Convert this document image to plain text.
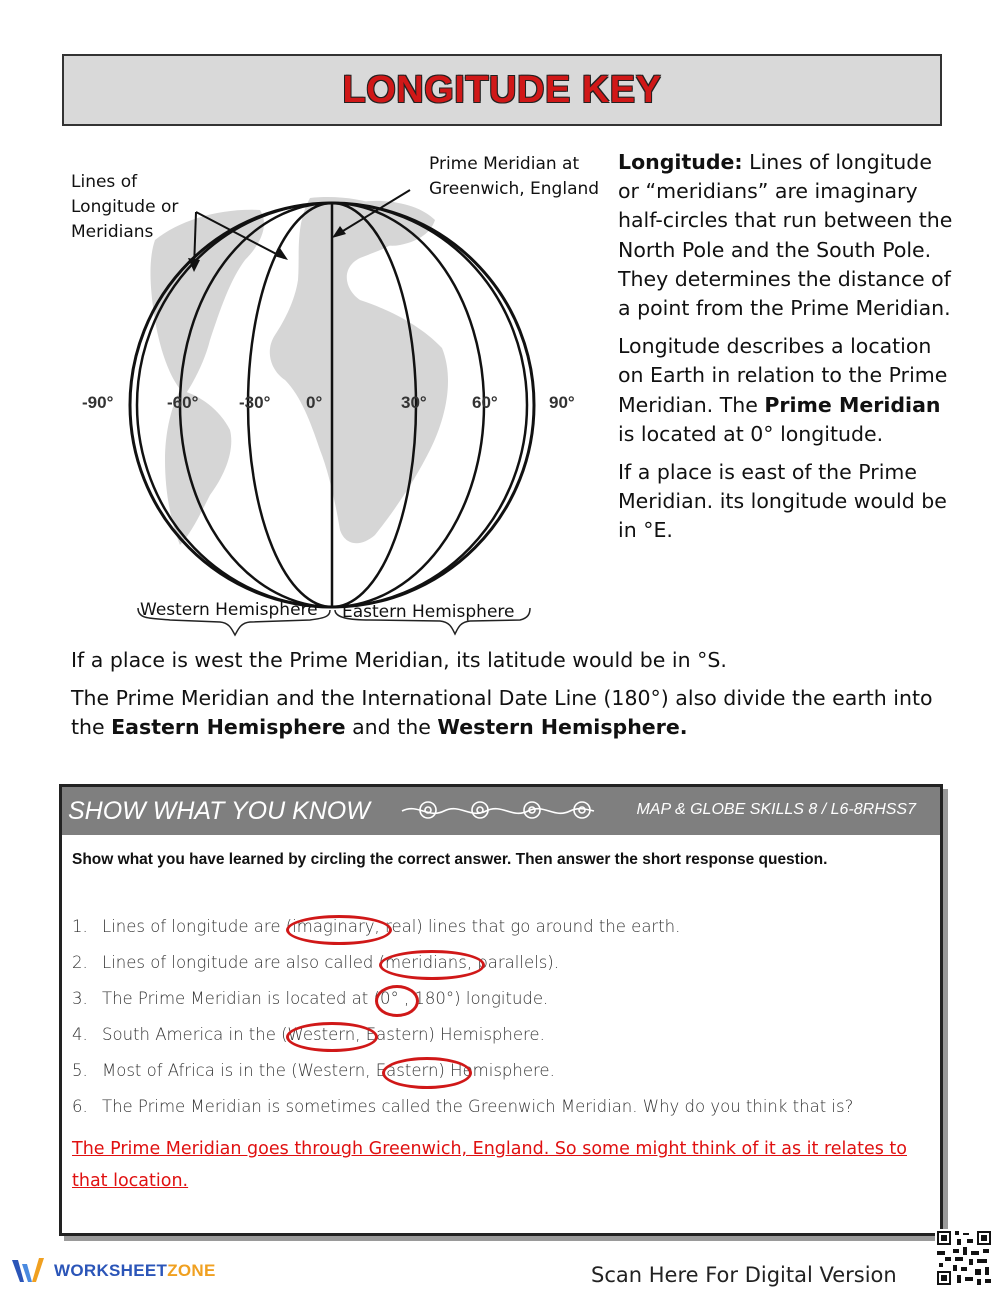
LONGITUDE KEY
Lines of
Longitude or
Meridians
Prime Meridian at
Greenwich, England
-90°	-60° -30° 0°	30°	60°	90°
Western Hemisphere Eastern Hemisphere

Longitude: Lines of longitude or “meridians” are imaginary half-circles that run between the North Pole and the South Pole. They determines the distance of a point from the Prime Meridian.

Longitude describes a location on Earth in relation to the Prime Meridian. The Prime Meridian is located at 0° longitude.

If a place is east of the Prime Meridian. its longitude would be in °E.

If a place is west the Prime Meridian, its latitude would be in °S.

The Prime Meridian and the International Date Line (180°) also divide the earth into the Eastern Hemisphere and the Western Hemisphere.

SHOW WHAT YOU KNOW	MAP & GLOBE SKILLS 8 / L6-8RHSS7
Show what you have learned by circling the correct answer. Then answer the short response question.
1. Lines of longitude are (imaginary, real) lines that go around the earth.
2. Lines of longitude are also called (meridians, parallels).
3. The Prime Meridian is located at (0° , 180°) longitude.
4. South America in the (Western, Eastern) Hemisphere.
5. Most of Africa is in the (Western, Eastern) Hemisphere.
6. The Prime Meridian is sometimes called the Greenwich Meridian. Why do you think that is?
The Prime Meridian goes through Greenwich, England. So some might think of it as it relates to that location.
WORKSHEETZONE	Scan Here For Digital Version
